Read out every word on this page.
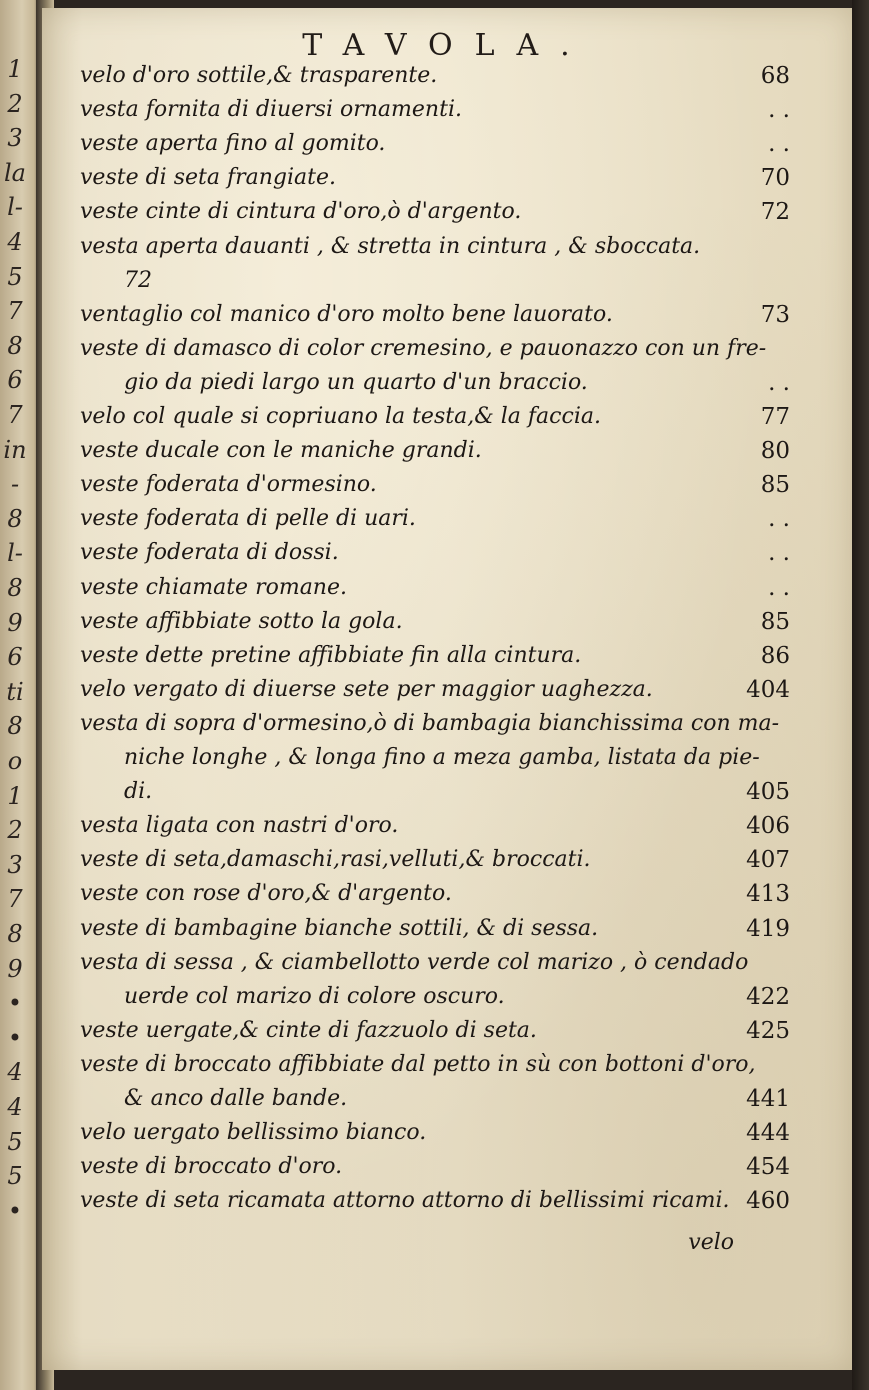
1
2
3
la
l-
4
5
7
8
6
7
in
-
8
l-
8
9
6
ti
8
o
1
2
3
7
8
9
•
•
4
4
5
5
•
TAVOLA.
velo d'oro sottile,& trasparente.	68
vesta fornita di diuersi ornamenti.	. .
veste aperta fino al gomito.	. .
veste di seta frangiate.	70
veste cinte di cintura d'oro,ò d'argento.	72
vesta aperta dauanti , & stretta in cintura , & sboccata.
72
ventaglio col manico d'oro molto bene lauorato.	73
veste di damasco di color cremesino, e pauonazzo con un fre-
gio da piedi largo un quarto d'un braccio.	. .
velo col quale si copriuano la testa,& la faccia.	77
veste ducale con le maniche grandi.	80
veste foderata d'ormesino.	85
veste foderata di pelle di uari.	. .
veste foderata di dossi.	. .
veste chiamate romane.	. .
veste affibbiate sotto la gola.	85
veste dette pretine affibbiate fin alla cintura.	86
velo vergato di diuerse sete per maggior uaghezza.	404
vesta di sopra d'ormesino,ò di bambagia bianchissima con ma-
niche longhe , & longa fino a meza gamba, listata da pie-
di.	405
vesta ligata con nastri d'oro.	406
veste di seta,damaschi,rasi,velluti,& broccati.	407
veste con rose d'oro,& d'argento.	413
veste di bambagine bianche sottili, & di sessa.	419
vesta di sessa , & ciambellotto verde col marizo , ò cendado
uerde col marizo di colore oscuro.	422
veste uergate,& cinte di fazzuolo di seta.	425
veste di broccato affibbiate dal petto in sù con bottoni d'oro,
& anco dalle bande.	441
velo uergato bellissimo bianco.	444
veste di broccato d'oro.	454
veste di seta ricamata attorno attorno di bellissimi ricami. 460
velo
